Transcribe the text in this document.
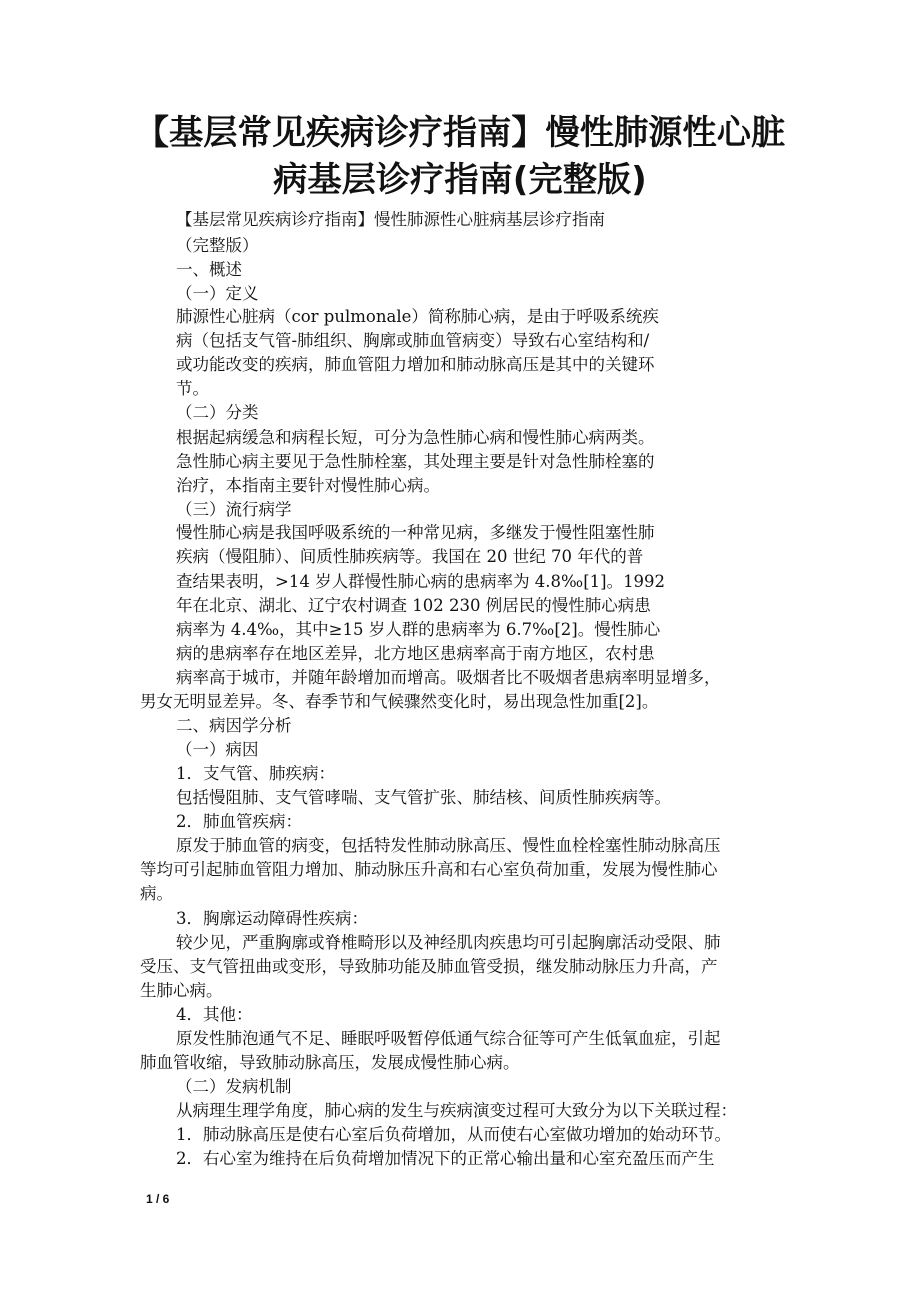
【基层常见疾病诊疗指南】慢性肺源性心脏
病基层诊疗指南(完整版)
【基层常见疾病诊疗指南】慢性肺源性心脏病基层诊疗指南
（完整版）
一、概述
（一）定义
肺源性心脏病（cor pulmonale）简称肺心病，是由于呼吸系统疾
病（包括支气管-肺组织、胸廓或肺血管病变）导致右心室结构和/
或功能改变的疾病，肺血管阻力增加和肺动脉高压是其中的关键环
节。
（二）分类
根据起病缓急和病程长短，可分为急性肺心病和慢性肺心病两类。
急性肺心病主要见于急性肺栓塞，其处理主要是针对急性肺栓塞的
治疗，本指南主要针对慢性肺心病。
（三）流行病学
慢性肺心病是我国呼吸系统的一种常见病，多继发于慢性阻塞性肺
疾病（慢阻肺）、间质性肺疾病等。我国在 20 世纪 70 年代的普
查结果表明，>14 岁人群慢性肺心病的患病率为 4.8‰[1]。1992
年在北京、湖北、辽宁农村调查 102 230 例居民的慢性肺心病患
病率为 4.4‰，其中≥15 岁人群的患病率为 6.7‰[2]。慢性肺心
病的患病率存在地区差异，北方地区患病率高于南方地区，农村患
病率高于城市，并随年龄增加而增高。吸烟者比不吸烟者患病率明显增多，
男女无明显差异。冬、春季节和气候骤然变化时，易出现急性加重[2]。
二、病因学分析
（一）病因
1．支气管、肺疾病：
包括慢阻肺、支气管哮喘、支气管扩张、肺结核、间质性肺疾病等。
2．肺血管疾病：
原发于肺血管的病变，包括特发性肺动脉高压、慢性血栓栓塞性肺动脉高压
等均可引起肺血管阻力增加、肺动脉压升高和右心室负荷加重，发展为慢性肺心
病。
3．胸廓运动障碍性疾病：
较少见，严重胸廓或脊椎畸形以及神经肌肉疾患均可引起胸廓活动受限、肺
受压、支气管扭曲或变形，导致肺功能及肺血管受损，继发肺动脉压力升高，产
生肺心病。
4．其他：
原发性肺泡通气不足、睡眠呼吸暂停低通气综合征等可产生低氧血症，引起
肺血管收缩，导致肺动脉高压，发展成慢性肺心病。
（二）发病机制
从病理生理学角度，肺心病的发生与疾病演变过程可大致分为以下关联过程：
1．肺动脉高压是使右心室后负荷增加，从而使右心室做功增加的始动环节。
2．右心室为维持在后负荷增加情况下的正常心输出量和心室充盈压而产生
1 / 6
